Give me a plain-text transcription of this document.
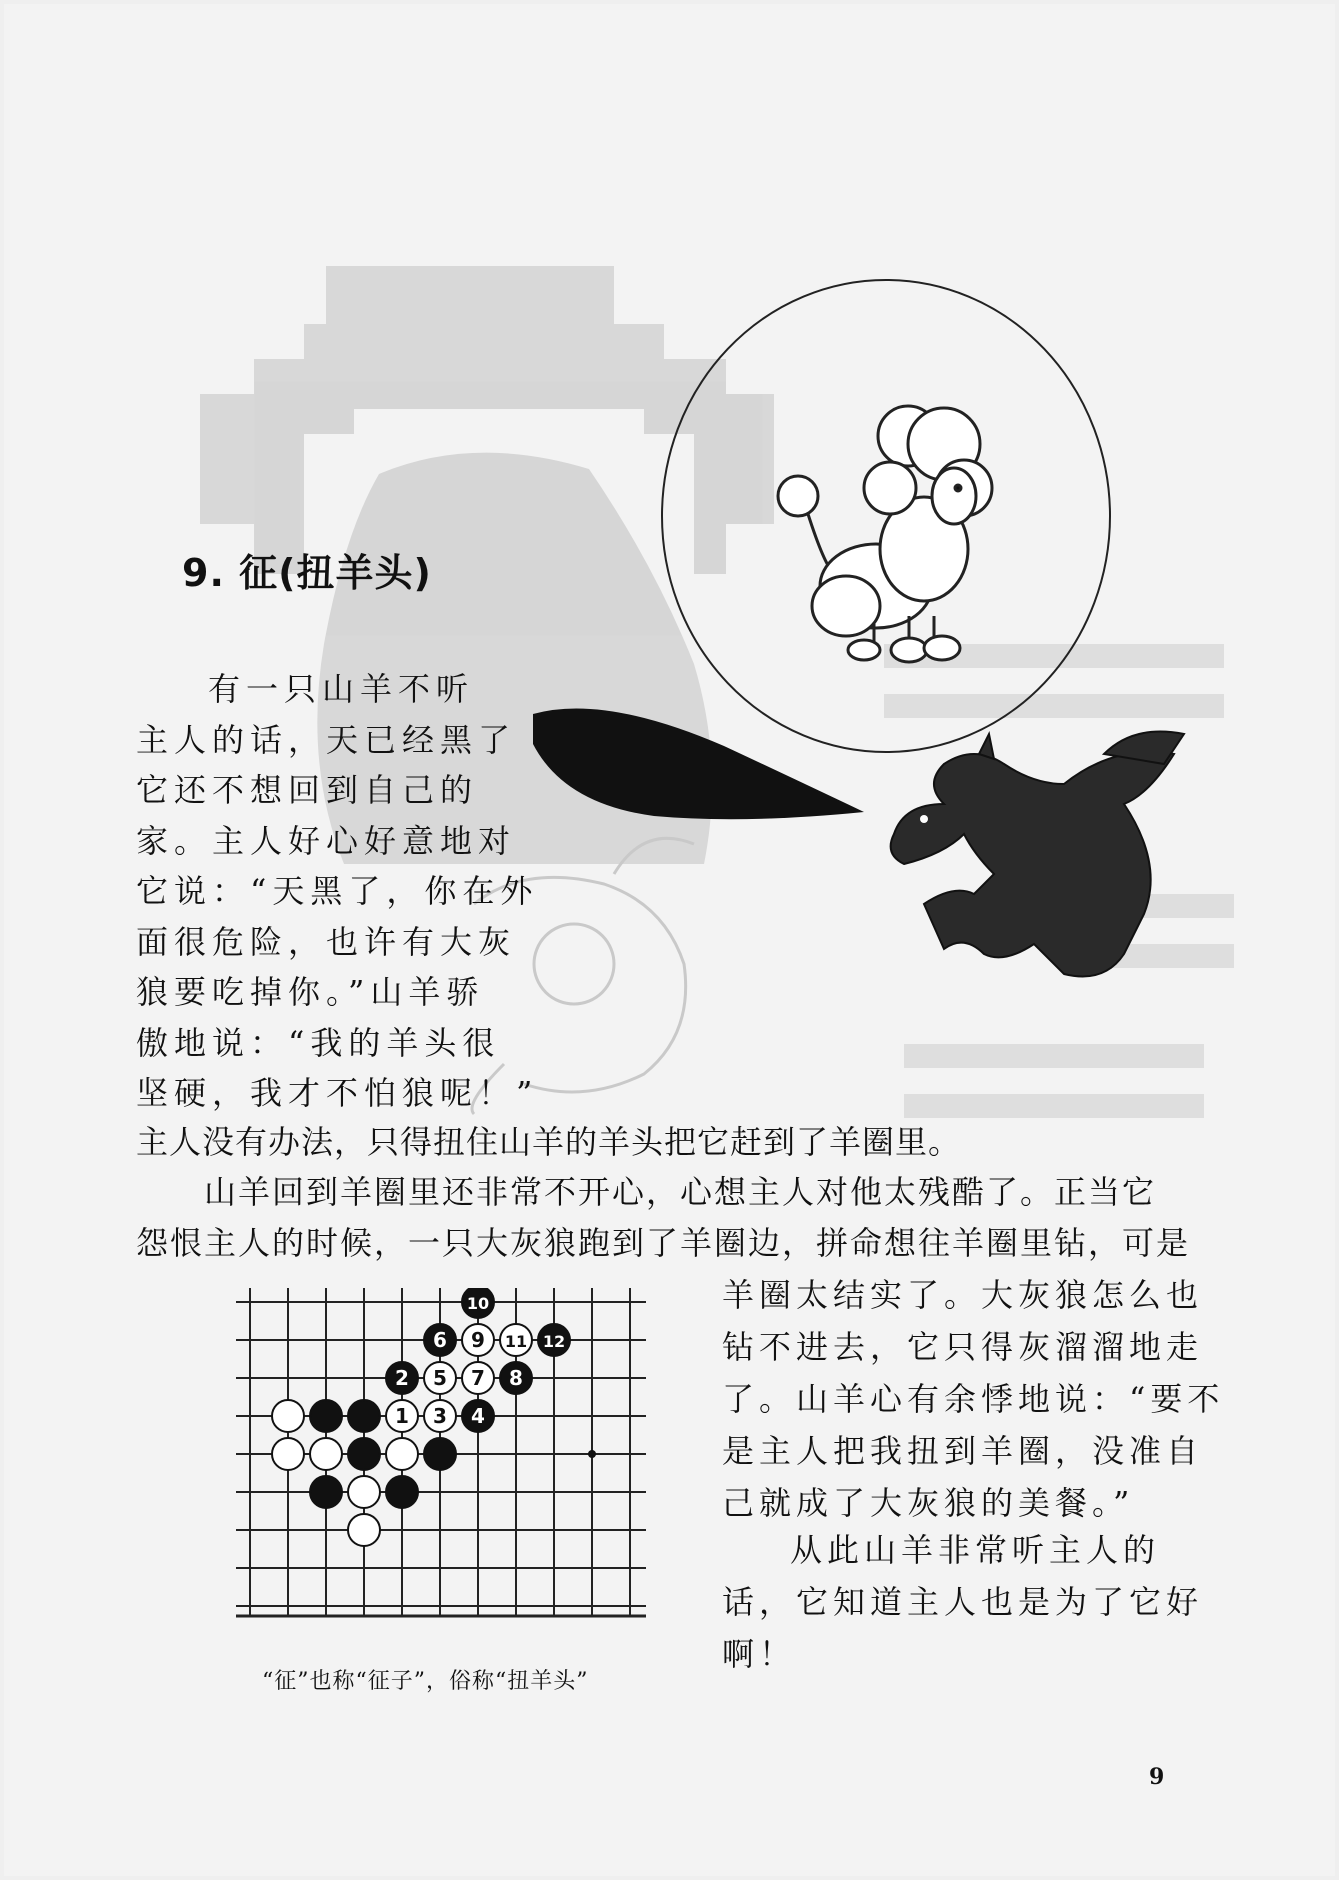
9. 征(扭羊头)
有一只山羊不听
主人的话，天已经黑了
它还不想回到自己的
家。主人好心好意地对
它说：“天黑了，你在外
面很危险，也许有大灰
狼要吃掉你。”山羊骄
傲地说：“我的羊头很
坚硬，我才不怕狼呢！”
主人没有办法，只得扭住山羊的羊头把它赶到了羊圈里。
山羊回到羊圈里还非常不开心，心想主人对他太残酷了。正当它
怨恨主人的时候，一只大灰狼跑到了羊圈边，拼命想往羊圈里钻，可是
羊圈太结实了。大灰狼怎么也
钻不进去，它只得灰溜溜地走
了。山羊心有余悸地说：“要不
是主人把我扭到羊圈，没准自
己就成了大灰狼的美餐。”
从此山羊非常听主人的
话，它知道主人也是为了它好
啊！
1 3 4
2 5 7 8
6 9 11 12
10
“征”也称“征子”，俗称“扭羊头”
9
